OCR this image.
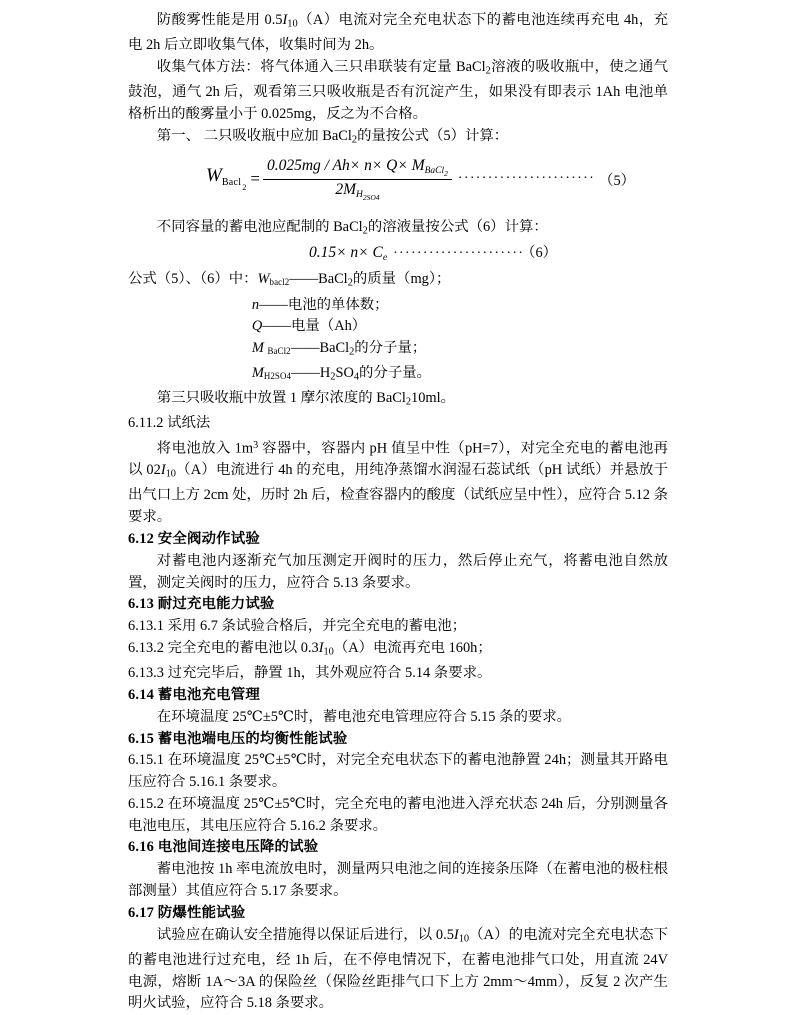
防酸雾性能是用 $0.5I_{10}(A)$电流对完全充电状态下的蓄电池连续再充电 4h，充电 2h 后立即收集气体，收集时间为 2h。

收集气体方法：将气体通入三只串联装有定量 BaCl$_2$溶液的吸收瓶中，使之通气鼓泡，通气 2h 后，观看第三只吸收瓶是否有沉淀产生，如果没有即表示 1Ah 电池单格析出的酸雾量小于 0.025mg，反之为不合格。

第一、 二只吸收瓶中应加 BaCl$_2$的量按公式（5）计算：

$W_{Bacl2} = \frac{0.025mg / Ah\times n\times Q\times MBaCl_2}{2MH_{2SO4}}$ ······················· （5）

不同容量的蓄电池应配制的 BaCl$_2$的溶液量按公式（6）计算：

$0.15\times n\times C_e$ ······················ （6）

公式（5）、（6）中：Wbacl2——BaCl$_2$的质量（mg）；
n——电池的单体数；
Q——电量（Ah）
M BaCl2——BaCl$_2$的分子量；
$MH2SO4——H_2SO_4$的分子量。

第三只吸收瓶中放置 1 摩尔浓度的 BaCl$_2$10ml。

6.11.2 试纸法

将电池放入 $1m^3$ 容器中，容器内 pH 值呈中性（pH=7），对完全充电的蓄电池再以 $02I_{10}(A)$电流进行 4h 的充电，用纯净蒸馏水润湿石蕊试纸（pH 试纸）并悬放于出气口上方 2cm 处，历时 2h 后，检查容器内的酸度（试纸应呈中性），应符合 5.12 条要求。

6.12 安全阀动作试验

对蓄电池内逐渐充气加压测定开阀时的压力，然后停止充气，将蓄电池自然放置，测定关阀时的压力，应符合 5.13 条要求。

6.13 耐过充电能力试验

6.13.1 采用 6.7 条试验合格后，并完全充电的蓄电池；

6.13.2 完全充电的蓄电池以 $0.3I_{10}(A)$电流再充电 160h；

6.13.3 过充完毕后，静置 1h，其外观应符合 5.14 条要求。

6.14 蓄电池充电管理

在环境温度 25℃±5℃时，蓄电池充电管理应符合 5.15 条的要求。

6.15 蓄电池端电压的均衡性能试验

6.15.1 在环境温度 25℃±5℃时，对完全充电状态下的蓄电池静置 24h；测量其开路电压应符合 5.16.1 条要求。

6.15.2 在环境温度 25℃±5℃时，完全充电的蓄电池进入浮充状态 24h 后，分别测量各电池电压，其电压应符合 5.16.2 条要求。

6.16 电池间连接电压降的试验

蓄电池按 1h 率电流放电时，测量两只电池之间的连接条压降（在蓄电池的极柱根部测量）其值应符合 5.17 条要求。

6.17 防爆性能试验

试验应在确认安全措施得以保证后进行，以 $0.5I_{10}(A)$的电流对完全充电状态下的蓄电池进行过充电，经 1h 后，在不停电情况下，在蓄电池排气口处，用直流 24V 电源，熔断 1A～3A 的保险丝（保险丝距排气口下上方 2mm～4mm），反复 2 次产生明火试验，应符合 5.18 条要求。
